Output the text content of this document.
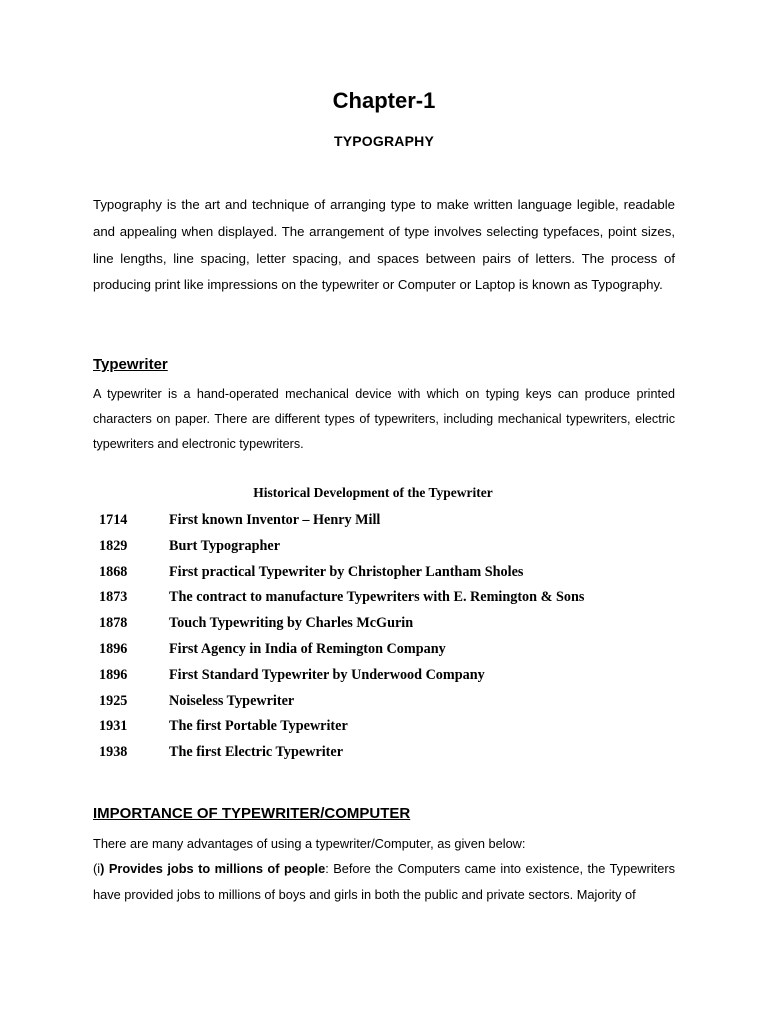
Chapter-1
TYPOGRAPHY
Typography is the art and technique of arranging type to make written language legible, readable and appealing when displayed. The arrangement of type involves selecting typefaces, point sizes, line lengths, line spacing, letter spacing, and spaces between pairs of letters. The process of producing print like impressions on the typewriter or Computer or Laptop is known as Typography.
Typewriter
A typewriter is a hand-operated mechanical device with which on typing keys can produce printed characters on paper. There are different types of typewriters, including mechanical typewriters, electric typewriters and electronic typewriters.
Historical Development of the Typewriter
1714	First known Inventor – Henry Mill
1829	Burt Typographer
1868	First practical Typewriter by Christopher Lantham Sholes
1873	The contract to manufacture Typewriters with E. Remington & Sons
1878	Touch Typewriting by Charles McGurin
1896	First Agency in India of Remington Company
1896	First Standard Typewriter by Underwood Company
1925	Noiseless Typewriter
1931	The first Portable Typewriter
1938	The first Electric Typewriter
IMPORTANCE OF TYPEWRITER/COMPUTER
There are many advantages of using a typewriter/Computer, as given below:
(i) Provides jobs to millions of people: Before the Computers came into existence, the Typewriters have provided jobs to millions of boys and girls in both the public and private sectors. Majority of
